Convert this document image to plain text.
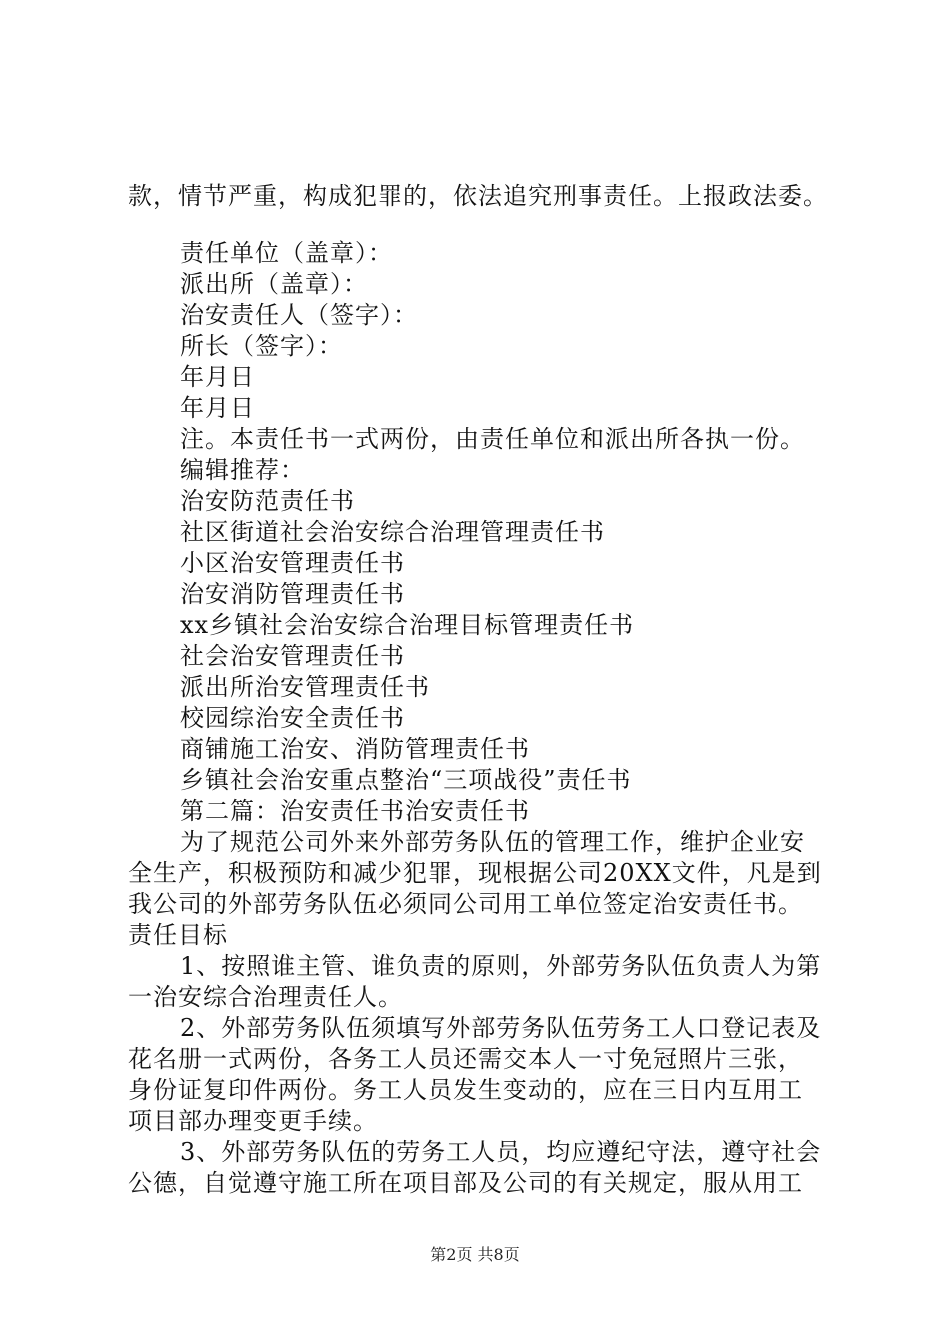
款，情节严重，构成犯罪的，依法追究刑事责任。上报政法委。
责任单位（盖章）：
派出所（盖章）：
治安责任人（签字）：
所长（签字）：
年月日
年月日
注。本责任书一式两份，由责任单位和派出所各执一份。
编辑推荐：
治安防范责任书
社区街道社会治安综合治理管理责任书
小区治安管理责任书
治安消防管理责任书
xx乡镇社会治安综合治理目标管理责任书
社会治安管理责任书
派出所治安管理责任书
校园综治安全责任书
商铺施工治安、消防管理责任书
乡镇社会治安重点整治“三项战役”责任书
第二篇：治安责任书治安责任书
为了规范公司外来外部劳务队伍的管理工作，维护企业安
全生产，积极预防和减少犯罪，现根据公司20XX文件，凡是到
我公司的外部劳务队伍必须同公司用工单位签定治安责任书。
责任目标
1、按照谁主管、谁负责的原则，外部劳务队伍负责人为第
一治安综合治理责任人。
2、外部劳务队伍须填写外部劳务队伍劳务工人口登记表及
花名册一式两份，各务工人员还需交本人一寸免冠照片三张，
身份证复印件两份。务工人员发生变动的，应在三日内互用工
项目部办理变更手续。
3、外部劳务队伍的劳务工人员，均应遵纪守法，遵守社会
公德，自觉遵守施工所在项目部及公司的有关规定，服从用工
第2页 共8页
